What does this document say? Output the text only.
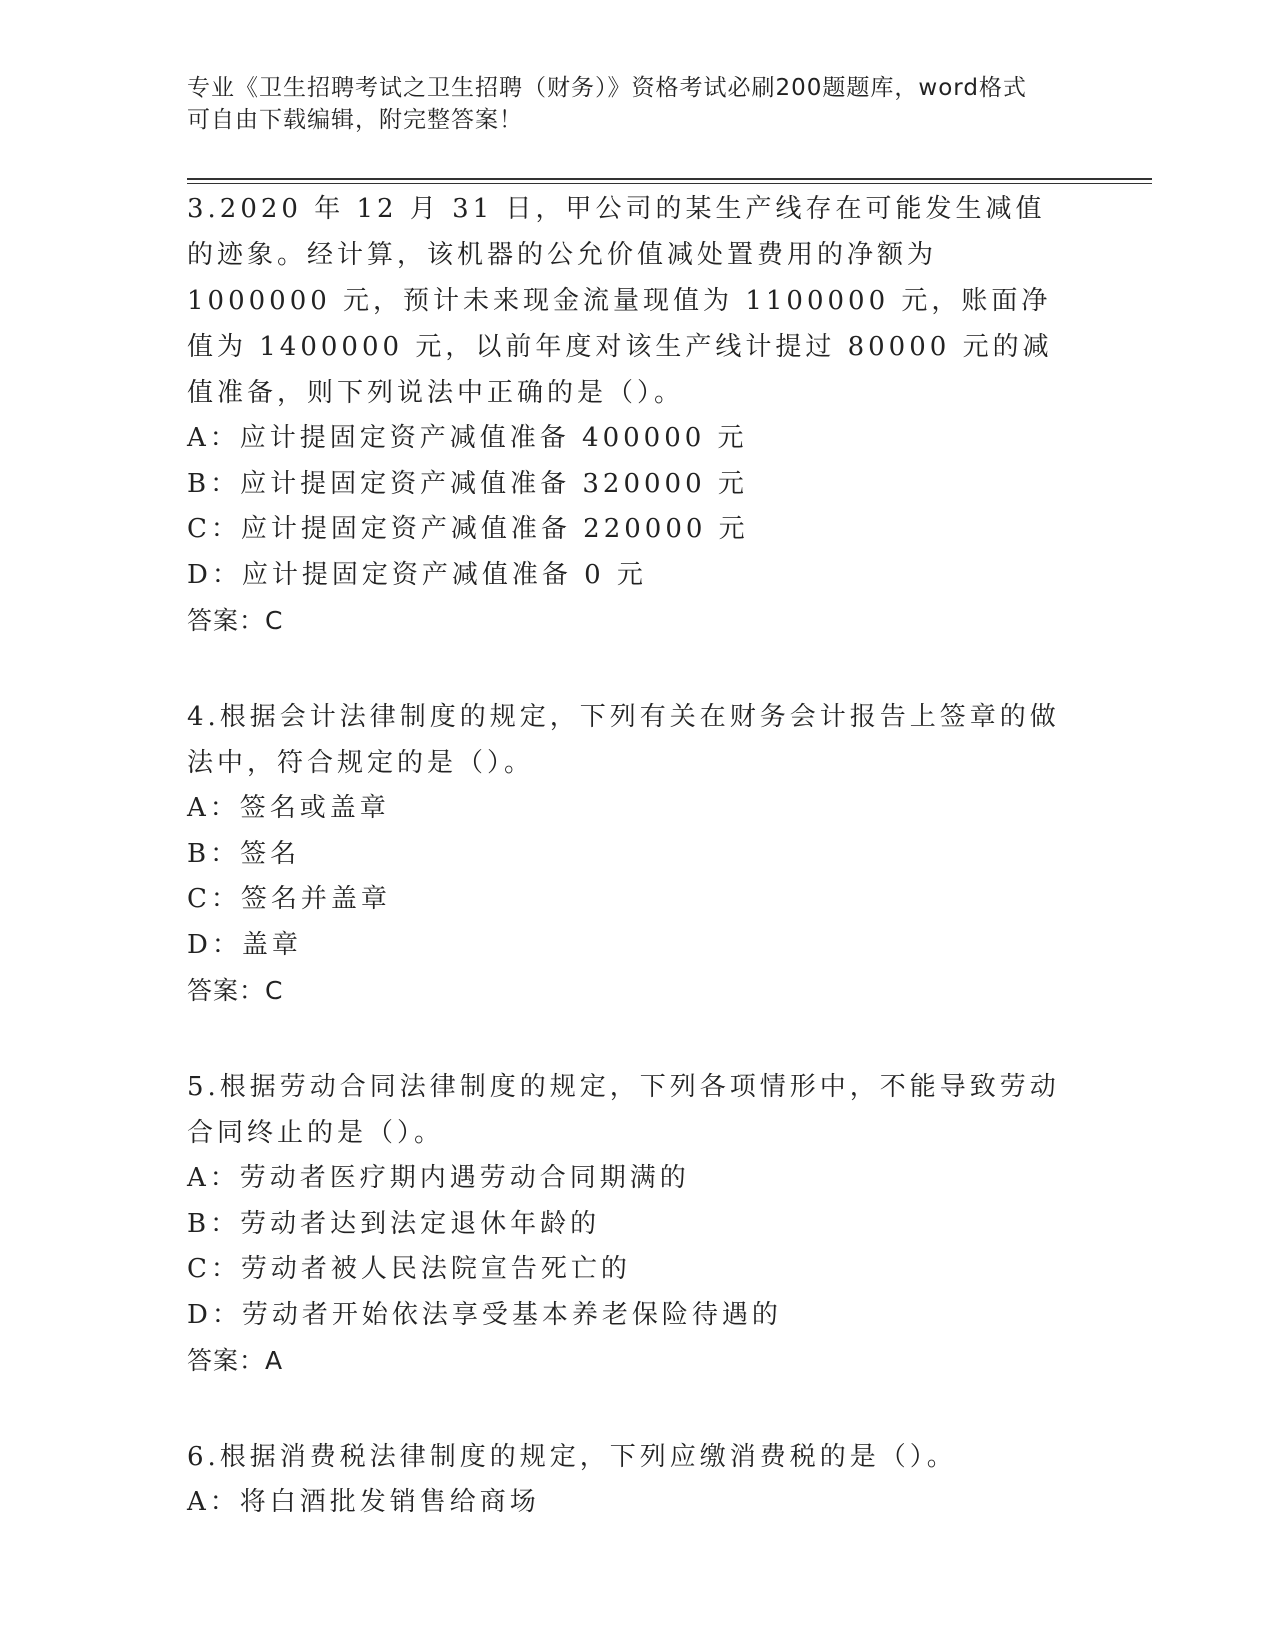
专业《卫生招聘考试之卫生招聘（财务）》资格考试必刷200题题库，word格式
可自由下载编辑，附完整答案！

3.2020 年 12 月 31 日，甲公司的某生产线存在可能发生减值的迹象。经计算，该机器的公允价值减处置费用的净额为 1000000 元，预计未来现金流量现值为 1100000 元，账面净值为 1400000 元，以前年度对该生产线计提过 80000 元的减值准备，则下列说法中正确的是（）。

A：应计提固定资产减值准备 400000 元

B：应计提固定资产减值准备 320000 元

C：应计提固定资产减值准备 220000 元

D：应计提固定资产减值准备 0 元

答案：C

4.根据会计法律制度的规定，下列有关在财务会计报告上签章的做法中，符合规定的是（）。

A：签名或盖章

B：签名

C：签名并盖章

D：盖章

答案：C

5.根据劳动合同法律制度的规定，下列各项情形中，不能导致劳动合同终止的是（）。

A：劳动者医疗期内遇劳动合同期满的

B：劳动者达到法定退休年龄的

C：劳动者被人民法院宣告死亡的

D：劳动者开始依法享受基本养老保险待遇的

答案：A

6.根据消费税法律制度的规定，下列应缴消费税的是（）。

A：将白酒批发销售给商场
